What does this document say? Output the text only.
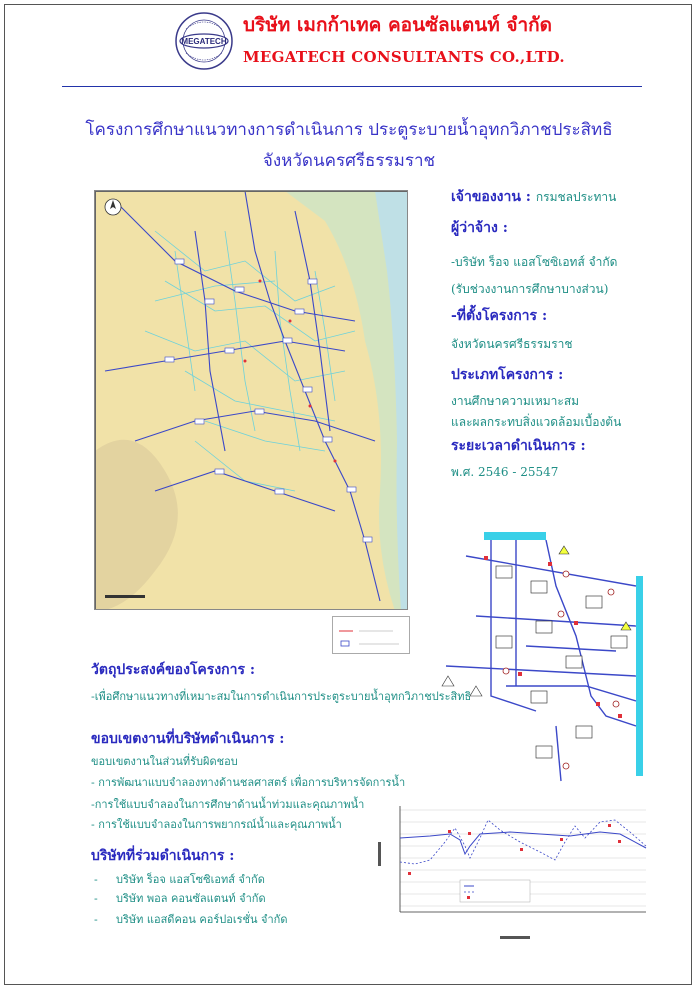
MEGATECH
บริษัท เมกก้าเทค คอนซัลแตนท์ จำกัด
MEGATECH CONSULTANTS CO.,LTD.
โครงการศึกษาแนวทางการดำเนินการ ประตูระบายน้ำอุทกวิภาชประสิทธิ
จังหวัดนครศรีธรรมราช
เจ้าของงาน : กรมชลประทาน
ผู้ว่าจ้าง :
-บริษัท ร็อจ แอสโซซิเอทส์ จำกัด
(รับช่วงงานการศึกษาบางส่วน)
-ที่ตั้งโครงการ :
จังหวัดนครศรีธรรมราช
ประเภทโครงการ :
งานศึกษาความเหมาะสม
และผลกระทบสิ่งแวดล้อมเบื้องต้น
ระยะเวลาดำเนินการ :
พ.ศ. 2546 - 25547
วัตถุประสงค์ของโครงการ :
-เพื่อศึกษาแนวทางที่เหมาะสมในการดำเนินการประตูระบายน้ำอุทกวิภาชประสิทธิ
ขอบเขตงานที่บริษัทดำเนินการ :
ขอบเขตงานในส่วนที่รับผิดชอบ
- การพัฒนาแบบจำลองทางด้านชลศาสตร์ เพื่อการบริหารจัดการน้ำ
-การใช้แบบจำลองในการศึกษาด้านน้ำท่วมและคุณภาพน้ำ
- การใช้แบบจำลองในการพยากรณ์น้ำและคุณภาพน้ำ
บริษัทที่ร่วมดำเนินการ :
- บริษัท ร็อจ แอสโซซิเอทส์ จำกัด
- บริษัท พอล คอนซัลแตนท์ จำกัด
- บริษัท แอสดีคอน คอร์ปอเรชั่น จำกัด
